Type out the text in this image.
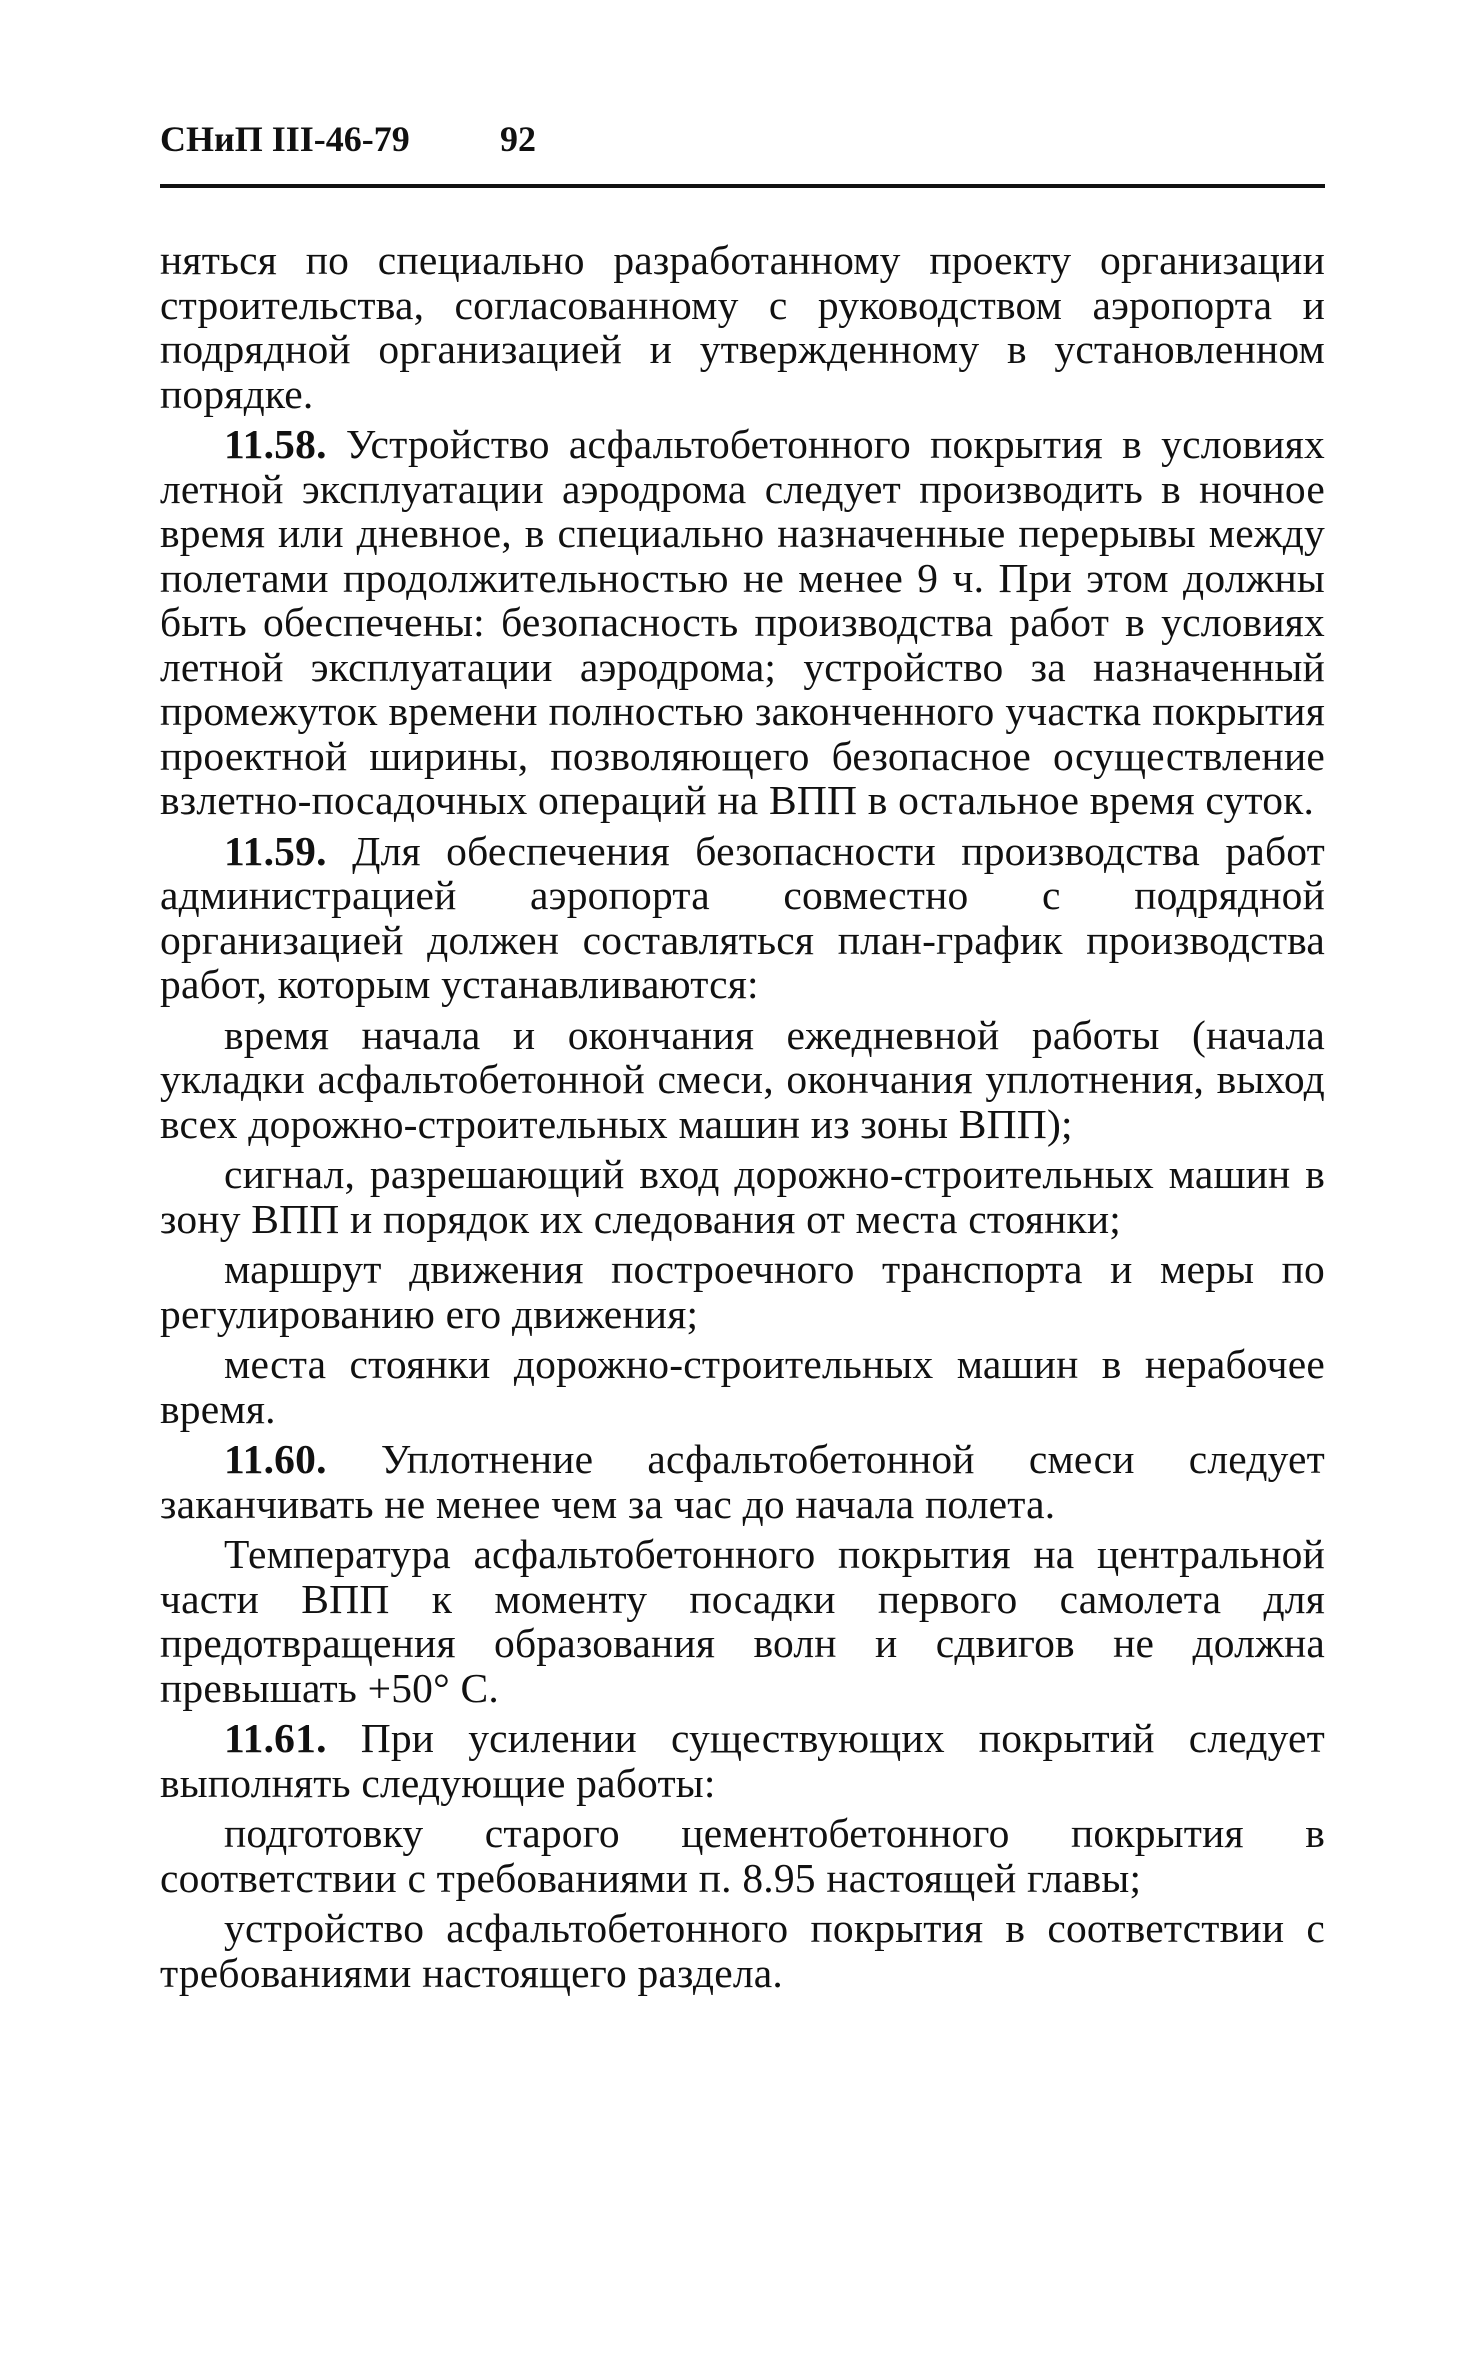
СНиП III-46-79	92

няться по специально разработанному проекту организации строительства, согласованному с руководством аэропорта и подрядной организацией и утвержденному в установленном порядке.

11.58. Устройство асфальтобетонного покрытия в условиях летной эксплуатации аэродрома следует производить в ночное время или дневное, в специально назначенные перерывы между полетами продолжительностью не менее 9 ч. При этом должны быть обеспечены: безопасность производства работ в условиях летной эксплуатации аэродрома; устройство за назначенный промежуток времени полностью законченного участка покрытия проектной ширины, позволяющего безопасное осуществление взлетно-посадочных операций на ВПП в остальное время суток.

11.59. Для обеспечения безопасности производства работ администрацией аэропорта совместно с подрядной организацией должен составляться план-график производства работ, которым устанавливаются:

время начала и окончания ежедневной работы (начала укладки асфальтобетонной смеси, окончания уплотнения, выход всех дорожно-строительных машин из зоны ВПП);

сигнал, разрешающий вход дорожно-строительных машин в зону ВПП и порядок их следования от места стоянки;

маршрут движения построечного транспорта и меры по регулированию его движения;

места стоянки дорожно-строительных машин в нерабочее время.

11.60. Уплотнение асфальтобетонной смеси следует заканчивать не менее чем за час до начала полета.

Температура асфальтобетонного покрытия на центральной части ВПП к моменту посадки первого самолета для предотвращения образования волн и сдвигов не должна превышать +50° С.

11.61. При усилении существующих покрытий следует выполнять следующие работы:

подготовку старого цементобетонного покрытия в соответствии с требованиями п. 8.95 настоящей главы;

устройство асфальтобетонного покрытия в соответствии с требованиями настоящего раздела.
